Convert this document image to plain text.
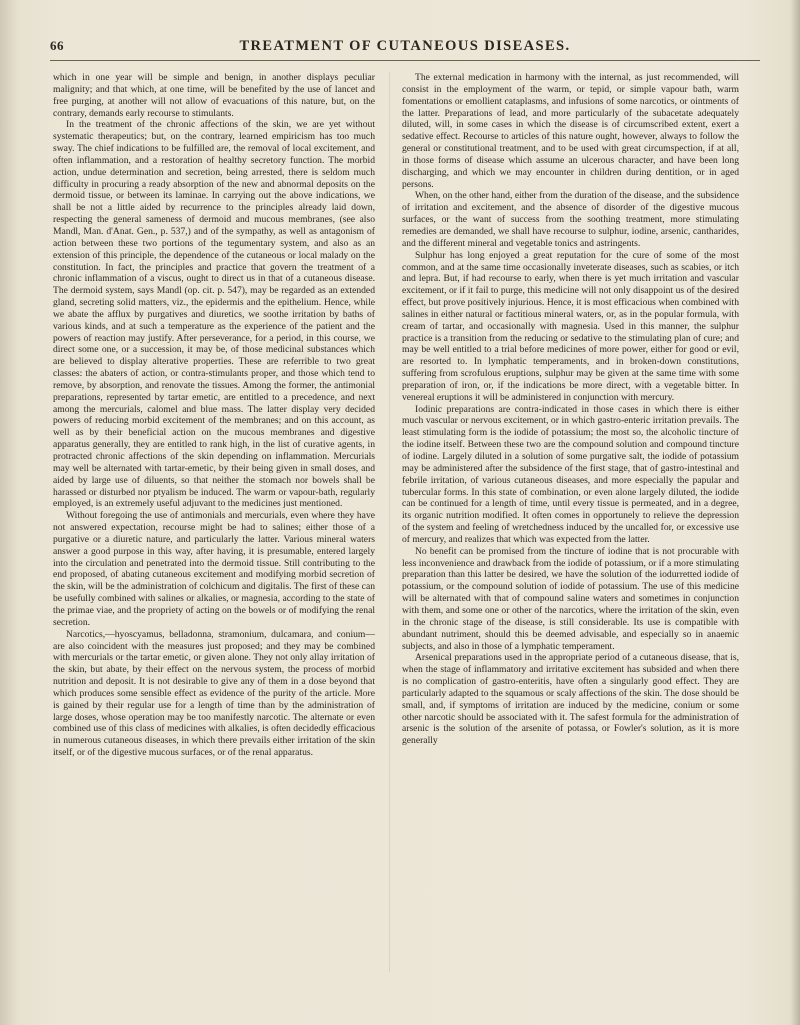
66	TREATMENT OF CUTANEOUS DISEASES.

which in one year will be simple and benign, in another displays peculiar malignity; and that which, at one time, will be benefited by the use of lancet and free purging, at another will not allow of evacuations of this nature, but, on the contrary, demands early recourse to stimulants.

In the treatment of the chronic affections of the skin, we are yet without systematic therapeutics; but, on the contrary, learned empiricism has too much sway. The chief indications to be fulfilled are, the removal of local excitement, and often inflammation, and a restoration of healthy secretory function. The morbid action, undue determination and secretion, being arrested, there is seldom much difficulty in procuring a ready absorption of the new and abnormal deposits on the dermoid tissue, or between its laminae. In carrying out the above indications, we shall be not a little aided by recurrence to the principles already laid down, respecting the general sameness of dermoid and mucous membranes, (see also Mandl, Man. d'Anat. Gen., p. 537,) and of the sympathy, as well as antagonism of action between these two portions of the tegumentary system, and also as an extension of this principle, the dependence of the cutaneous or local malady on the constitution. In fact, the principles and practice that govern the treatment of a chronic inflammation of a viscus, ought to direct us in that of a cutaneous disease. The dermoid system, says Mandl (op. cit. p. 547), may be regarded as an extended gland, secreting solid matters, viz., the epidermis and the epithelium. Hence, while we abate the afflux by purgatives and diuretics, we soothe irritation by baths of various kinds, and at such a temperature as the experience of the patient and the powers of reaction may justify. After perseverance, for a period, in this course, we direct some one, or a succession, it may be, of those medicinal substances which are believed to display alterative properties. These are referrible to two great classes: the abaters of action, or contra-stimulants proper, and those which tend to remove, by absorption, and renovate the tissues. Among the former, the antimonial preparations, represented by tartar emetic, are entitled to a precedence, and next among the mercurials, calomel and blue mass. The latter display very decided powers of reducing morbid excitement of the membranes; and on this account, as well as by their beneficial action on the mucous membranes and digestive apparatus generally, they are entitled to rank high, in the list of curative agents, in protracted chronic affections of the skin depending on inflammation. Mercurials may well be alternated with tartar-emetic, by their being given in small doses, and aided by large use of diluents, so that neither the stomach nor bowels shall be harassed or disturbed nor ptyalism be induced. The warm or vapour-bath, regularly employed, is an extremely useful adjuvant to the medicines just mentioned.

Without foregoing the use of antimonials and mercurials, even where they have not answered expectation, recourse might be had to salines; either those of a purgative or a diuretic nature, and particularly the latter. Various mineral waters answer a good purpose in this way, after having, it is presumable, entered largely into the circulation and penetrated into the dermoid tissue. Still contributing to the end proposed, of abating cutaneous excitement and modifying morbid secretion of the skin, will be the administration of colchicum and digitalis. The first of these can be usefully combined with salines or alkalies, or magnesia, according to the state of the primae viae, and the propriety of acting on the bowels or of modifying the renal secretion.

Narcotics,—hyoscyamus, belladonna, stramonium, dulcamara, and conium—are also coincident with the measures just proposed; and they may be combined with mercurials or the tartar emetic, or given alone. They not only allay irritation of the skin, but abate, by their effect on the nervous system, the process of morbid nutrition and deposit. It is not desirable to give any of them in a dose beyond that which produces some sensible effect as evidence of the purity of the article. More is gained by their regular use for a length of time than by the administration of large doses, whose operation may be too manifestly narcotic. The alternate or even combined use of this class of medicines with alkalies, is often decidedly efficacious in numerous cutaneous diseases, in which there prevails either irritation of the skin itself, or of the digestive mucous surfaces, or of the renal apparatus.

The external medication in harmony with the internal, as just recommended, will consist in the employment of the warm, or tepid, or simple vapour bath, warm fomentations or emollient cataplasms, and infusions of some narcotics, or ointments of the latter. Preparations of lead, and more particularly of the subacetate adequately diluted, will, in some cases in which the disease is of circumscribed extent, exert a sedative effect. Recourse to articles of this nature ought, however, always to follow the general or constitutional treatment, and to be used with great circumspection, if at all, in those forms of disease which assume an ulcerous character, and have been long discharging, and which we may encounter in children during dentition, or in aged persons.

When, on the other hand, either from the duration of the disease, and the subsidence of irritation and excitement, and the absence of disorder of the digestive mucous surfaces, or the want of success from the soothing treatment, more stimulating remedies are demanded, we shall have recourse to sulphur, iodine, arsenic, cantharides, and the different mineral and vegetable tonics and astringents.

Sulphur has long enjoyed a great reputation for the cure of some of the most common, and at the same time occasionally inveterate diseases, such as scabies, or itch and lepra. But, if had recourse to early, when there is yet much irritation and vascular excitement, or if it fail to purge, this medicine will not only disappoint us of the desired effect, but prove positively injurious. Hence, it is most efficacious when combined with salines in either natural or factitious mineral waters, or, as in the popular formula, with cream of tartar, and occasionally with magnesia. Used in this manner, the sulphur practice is a transition from the reducing or sedative to the stimulating plan of cure; and may be well entitled to a trial before medicines of more power, either for good or evil, are resorted to. In lymphatic temperaments, and in broken-down constitutions, suffering from scrofulous eruptions, sulphur may be given at the same time with some preparation of iron, or, if the indications be more direct, with a vegetable bitter. In venereal eruptions it will be administered in conjunction with mercury.

Iodinic preparations are contra-indicated in those cases in which there is either much vascular or nervous excitement, or in which gastro-enteric irritation prevails. The least stimulating form is the iodide of potassium; the most so, the alcoholic tincture of the iodine itself. Between these two are the compound solution and compound tincture of iodine. Largely diluted in a solution of some purgative salt, the iodide of potassium may be administered after the subsidence of the first stage, that of gastro-intestinal and febrile irritation, of various cutaneous diseases, and more especially the papular and tubercular forms. In this state of combination, or even alone largely diluted, the iodide can be continued for a length of time, until every tissue is permeated, and in a degree, its organic nutrition modified. It often comes in opportunely to relieve the depression of the system and feeling of wretchedness induced by the uncalled for, or excessive use of mercury, and realizes that which was expected from the latter.

No benefit can be promised from the tincture of iodine that is not procurable with less inconvenience and drawback from the iodide of potassium, or if a more stimulating preparation than this latter be desired, we have the solution of the iodurretted iodide of potassium, or the compound solution of iodide of potassium. The use of this medicine will be alternated with that of compound saline waters and sometimes in conjunction with them, and some one or other of the narcotics, where the irritation of the skin, even in the chronic stage of the disease, is still considerable. Its use is compatible with abundant nutriment, should this be deemed advisable, and especially so in anaemic subjects, and also in those of a lymphatic temperament.

Arsenical preparations used in the appropriate period of a cutaneous disease, that is, when the stage of inflammatory and irritative excitement has subsided and when there is no complication of gastro-enteritis, have often a singularly good effect. They are particularly adapted to the squamous or scaly affections of the skin. The dose should be small, and, if symptoms of irritation are induced by the medicine, conium or some other narcotic should be associated with it. The safest formula for the administration of arsenic is the solution of the arsenite of potassa, or Fowler's solution, as it is more generally
